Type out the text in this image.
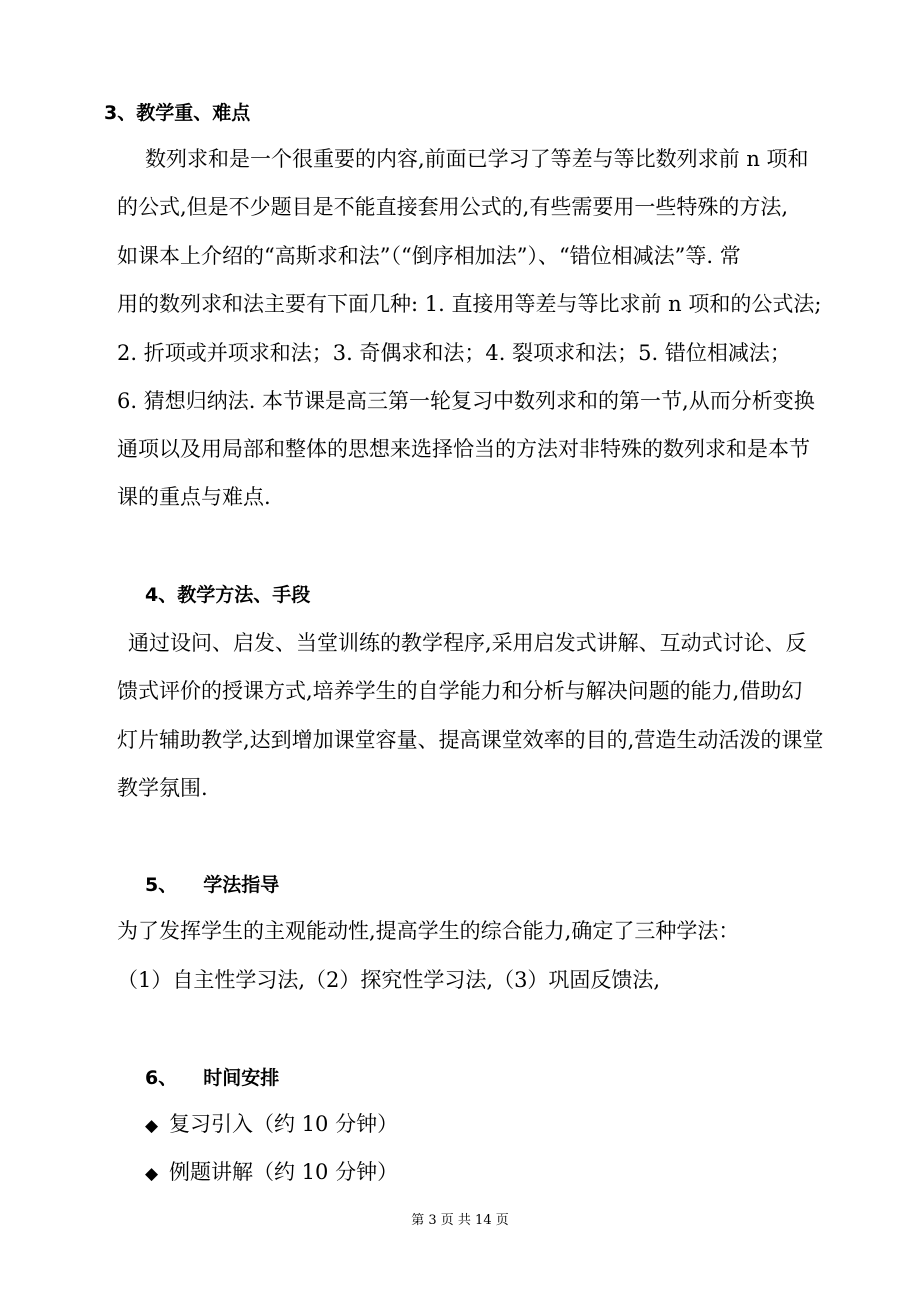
3、教学重、难点
数列求和是一个很重要的内容,前面已学习了等差与等比数列求前 n 项和
的公式,但是不少题目是不能直接套用公式的,有些需要用一些特殊的方法,
如课本上介绍的“高斯求和法”（“倒序相加法”）、“错位相减法”等. 常
用的数列求和法主要有下面几种: 1. 直接用等差与等比求前 n 项和的公式法;
2. 折项或并项求和法；3. 奇偶求和法；4. 裂项求和法；5. 错位相减法；
6. 猜想归纳法. 本节课是高三第一轮复习中数列求和的第一节,从而分析变换
通项以及用局部和整体的思想来选择恰当的方法对非特殊的数列求和是本节
课的重点与难点.
4、教学方法、手段
通过设问、启发、当堂训练的教学程序,采用启发式讲解、互动式讨论、反
馈式评价的授课方式,培养学生的自学能力和分析与解决问题的能力,借助幻
灯片辅助教学,达到增加课堂容量、提高课堂效率的目的,营造生动活泼的课堂
教学氛围.
5、 学法指导
为了发挥学生的主观能动性,提高学生的综合能力,确定了三种学法：
（1）自主性学习法,（2）探究性学习法,（3）巩固反馈法,
6、 时间安排
◆ 复习引入（约 10 分钟）
◆ 例题讲解（约 10 分钟）
第 3 页 共 14 页
